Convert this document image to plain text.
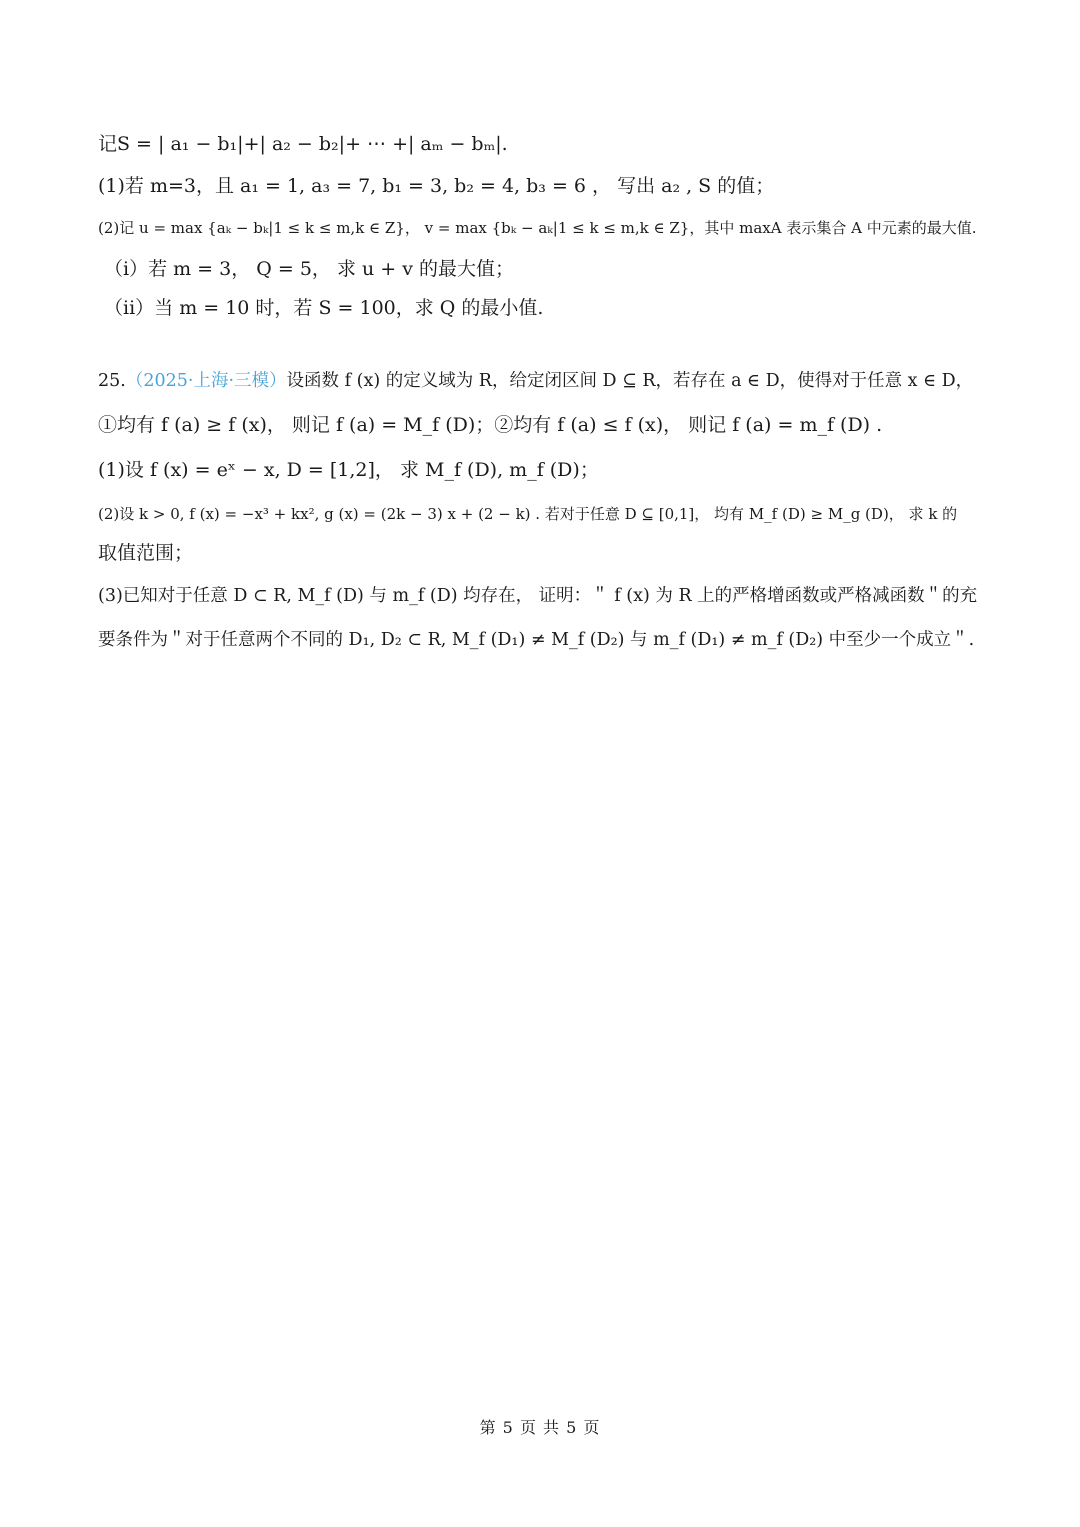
记S = | a₁ − b₁|+| a₂ − b₂|+ ⋯ +| aₘ − bₘ|.
(1)若 m=3，且 a₁ = 1, a₃ = 7, b₁ = 3, b₂ = 4, b₃ = 6 ， 写出 a₂ , S 的值；
(2)记 u = max {aₖ − bₖ|1 ≤ k ≤ m,k ∈ Z}， v = max {bₖ − aₖ|1 ≤ k ≤ m,k ∈ Z}，其中 maxA 表示集合 A 中元素的最大值.
（i）若 m = 3， Q = 5， 求 u + v 的最大值；
（ii）当 m = 10 时，若 S = 100，求 Q 的最小值.
25.（2025·上海·三模）设函数 f (x) 的定义域为 R，给定闭区间 D ⊆ R，若存在 a ∈ D，使得对于任意 x ∈ D，
①均有 f (a) ≥ f (x)， 则记 f (a) = M_f (D)；②均有 f (a) ≤ f (x)， 则记 f (a) = m_f (D) .
(1)设 f (x) = eˣ − x, D = [1,2]， 求 M_f (D), m_f (D)；
(2)设 k > 0, f (x) = −x³ + kx², g (x) = (2k − 3) x + (2 − k) . 若对于任意 D ⊆ [0,1]， 均有 M_f (D) ≥ M_g (D)， 求 k 的
取值范围；
(3)已知对于任意 D ⊂ R, M_f (D) 与 m_f (D) 均存在， 证明：＂ f (x) 为 R 上的严格增函数或严格减函数＂的充
要条件为＂对于任意两个不同的 D₁, D₂ ⊂ R, M_f (D₁) ≠ M_f (D₂) 与 m_f (D₁) ≠ m_f (D₂) 中至少一个成立＂.
第 5 页 共 5 页
